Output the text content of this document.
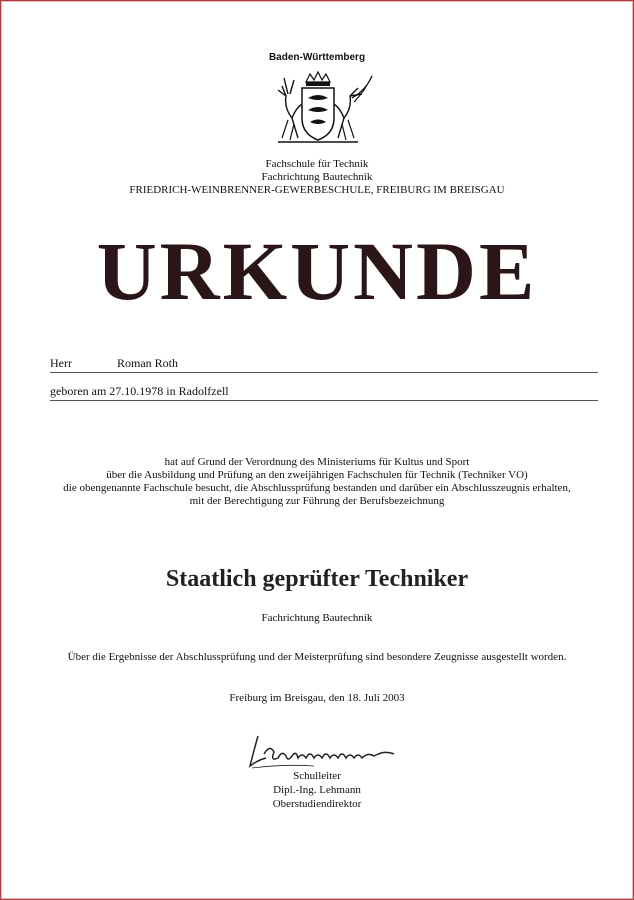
Baden-Württemberg
Fachschule für Technik
Fachrichtung Bautechnik
FRIEDRICH-WEINBRENNER-GEWERBESCHULE, FREIBURG IM BREISGAU
URKUNDE
Herr	Roman Roth
geboren am 27.10.1978 in Radolfzell
hat auf Grund der Verordnung des Ministeriums für Kultus und Sport
über die Ausbildung und Prüfung an den zweijährigen Fachschulen für Technik (Techniker VO)
die obengenannte Fachschule besucht, die Abschlussprüfung bestanden und darüber ein Abschlusszeugnis erhalten,
mit der Berechtigung zur Führung der Berufsbezeichnung
Staatlich geprüfter Techniker
Fachrichtung Bautechnik
Über die Ergebnisse der Abschlussprüfung und der Meisterprüfung sind besondere Zeugnisse ausgestellt worden.
Freiburg im Breisgau, den 18. Juli 2003
Schulleiter
Dipl.-Ing. Lehmann
Oberstudiendirektor
